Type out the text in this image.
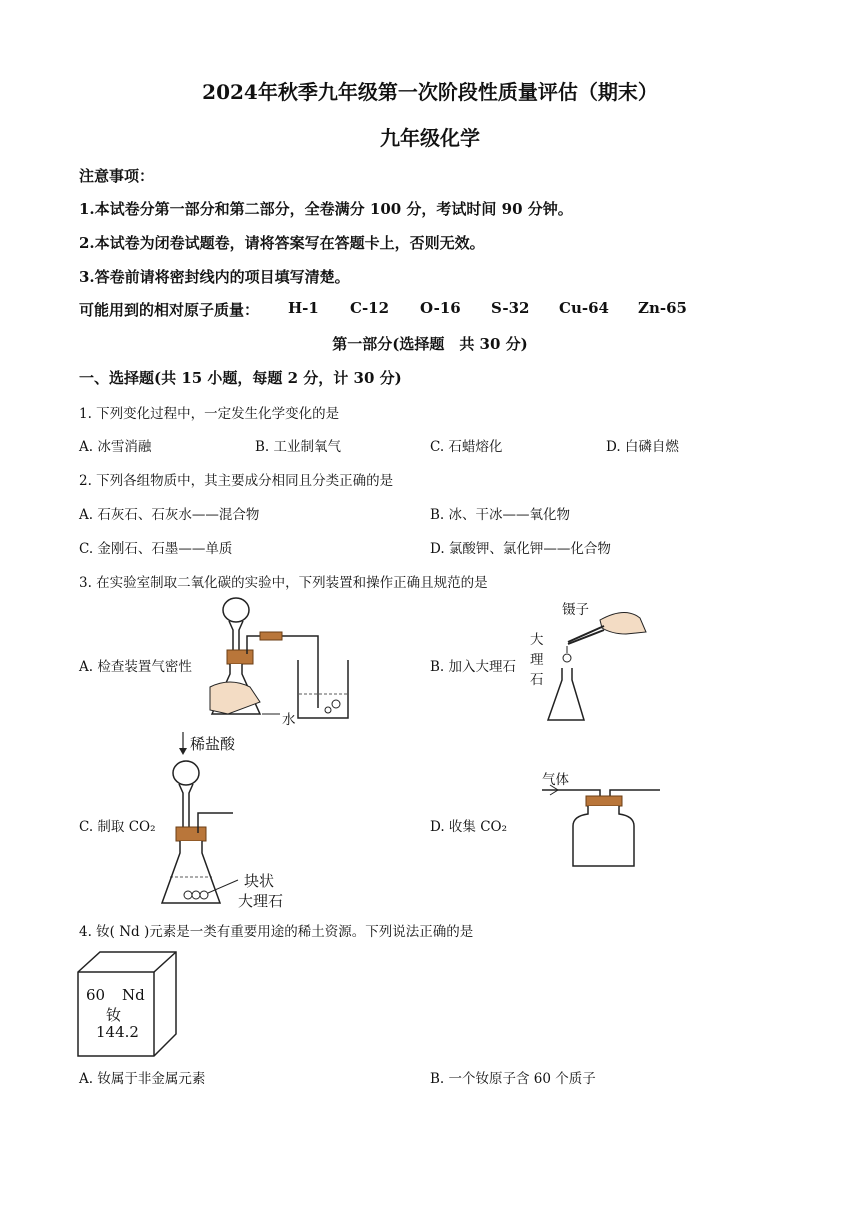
2024年秋季九年级第一次阶段性质量评估（期末）
九年级化学
注意事项：
1.本试卷分第一部分和第二部分，全卷满分 100 分，考试时间 90 分钟。
2.本试卷为闭卷试题卷，请将答案写在答题卡上，否则无效。
3.答卷前请将密封线内的项目填写清楚。
可能用到的相对原子质量： H-1 C-12 O-16 S-32 Cu-64 Zn-65
第一部分(选择题　共 30 分)
一、选择题(共 15 小题，每题 2 分，计 30 分)
1. 下列变化过程中，一定发生化学变化的是
A. 冰雪消融	B. 工业制氧气	C. 石蜡熔化	D. 白磷自燃
2. 下列各组物质中，其主要成分相同且分类正确的是
A. 石灰石、石灰水——混合物	B. 冰、干冰——氧化物
C. 金刚石、石墨——单质	D. 氯酸钾、氯化钾——化合物
3. 在实验室制取二氧化碳的实验中，下列装置和操作正确且规范的是
A. 检查装置气密性	B. 加入大理石
C. 制取 CO₂	D. 收集 CO₂
水
镊子
大
理
石
稀盐酸
块状
大理石
气体
4. 钕( Nd )元素是一类有重要用途的稀土资源。下列说法正确的是
60 Nd
钕
144.2
A. 钕属于非金属元素	B. 一个钕原子含 60 个质子
